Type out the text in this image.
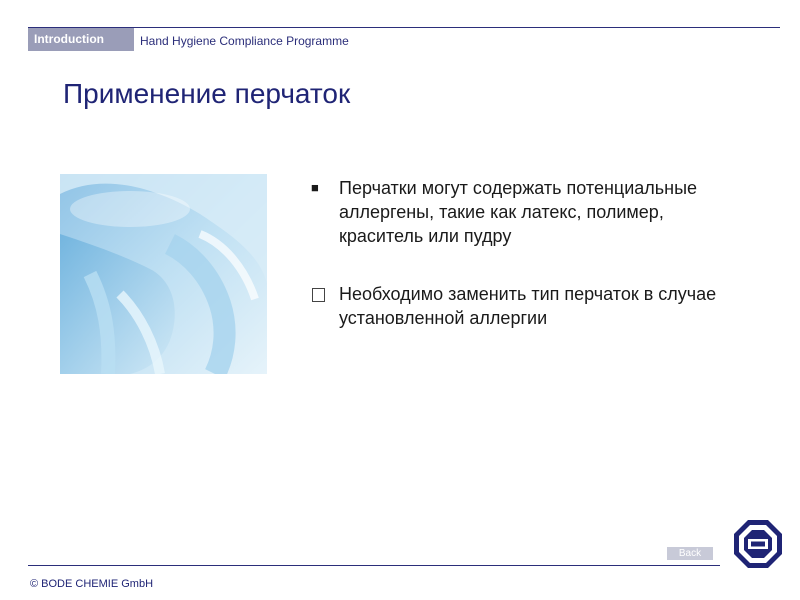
Introduction	Hand Hygiene Compliance Programme
Применение перчаток
■	Перчатки могут содержать потенциальные аллергены, такие как латекс, полимер, краситель или пудру
Необходимо заменить тип перчаток в случае установленной аллергии
Back
© BODE CHEMIE GmbH
